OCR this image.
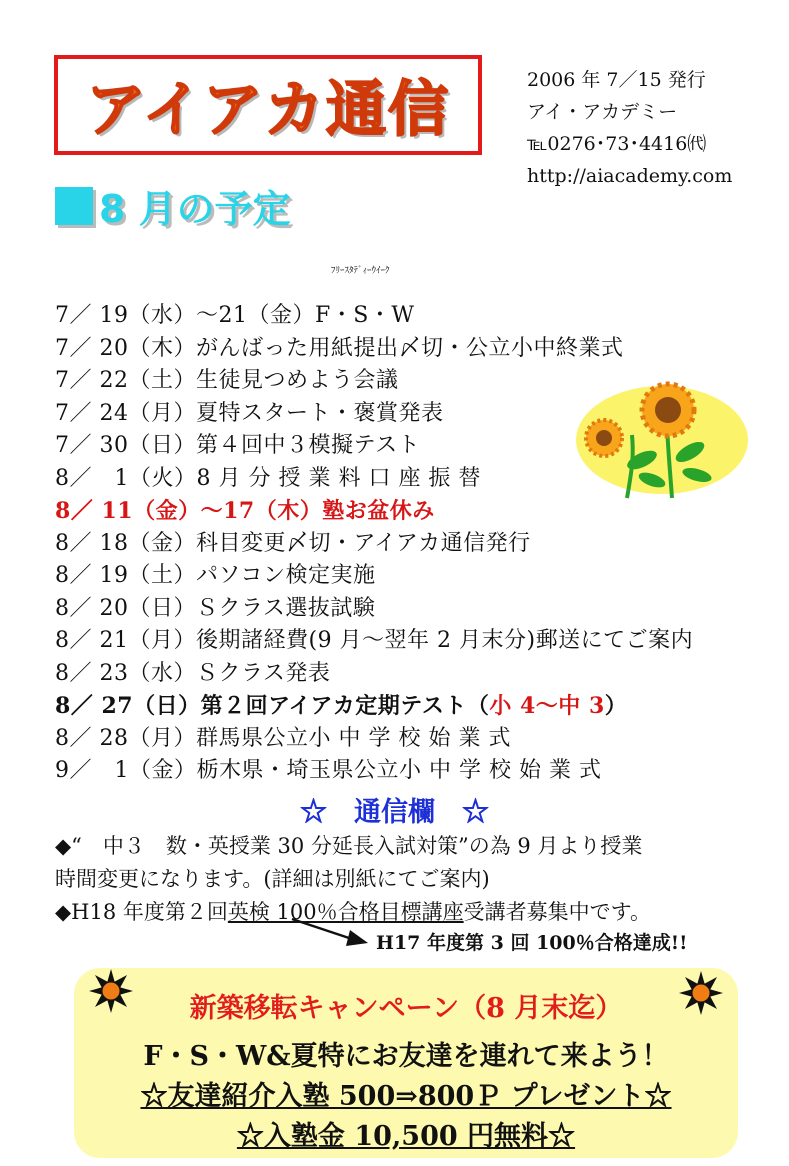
アイアカ通信	2006 年 7／15 発行
アイ・アカデミー
℡0276･73･4416㈹
http://aiacademy.com
8 月の予定
ﾌﾘｰｽﾀﾃﾞｨｰｳｲｰｸ
7／ 19（水）～21（金）F・S・W
7／ 20（木）がんばった用紙提出〆切・公立小中終業式
7／ 22（土）生徒見つめよう会議
7／ 24（月）夏特スタート・褒賞発表
7／ 30（日）第４回中３模擬テスト
8／　1（火）8 月 分 授 業 料 口 座 振 替
8／ 11（金）～17（木）塾お盆休み
8／ 18（金）科目変更〆切・アイアカ通信発行
8／ 19（土）パソコン検定実施
8／ 20（日）Ｓクラス選抜試験
8／ 21（月）後期諸経費(9 月～翌年 2 月末分)郵送にてご案内
8／ 23（水）Ｓクラス発表
8／ 27（日）第２回アイアカ定期テスト（小 4～中 3）
8／ 28（月）群馬県公立小 中 学 校 始 業 式
9／　1（金）栃木県・埼玉県公立小 中 学 校 始 業 式
☆　通信欄　☆
◆“　中３　数・英授業 30 分延長入試対策”の為 9 月より授業
時間変更になります。(詳細は別紙にてご案内)
◆H18 年度第２回英検 100％合格目標講座受講者募集中です。
H17 年度第 3 回 100％合格達成!!
新築移転キャンペーン（8 月末迄）
F・S・W&夏特にお友達を連れて来よう！
☆友達紹介入塾 500⇒800Ｐ プレゼント☆
☆入塾金 10,500 円無料☆
